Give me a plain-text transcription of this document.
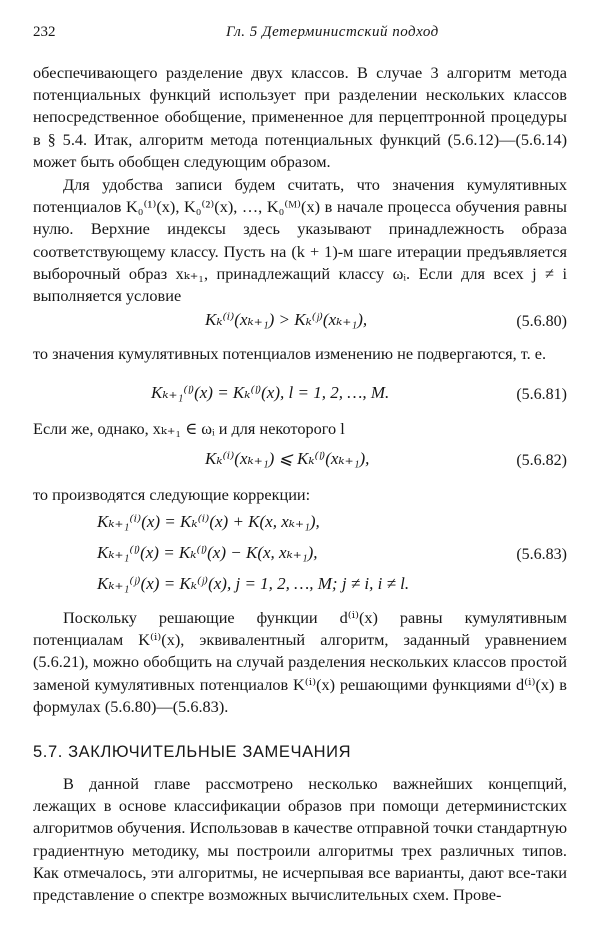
232	Гл. 5 Детерминистский подход

обеспечивающего разделение двух классов. В случае 3 алгоритм метода потенциальных функций использует при разделении нескольких классов непосредственное обобщение, примененное для перцептронной процедуры в § 5.4. Итак, алгоритм метода потенциальных функций (5.6.12)—(5.6.14) может быть обобщен следующим образом.

Для удобства записи будем считать, что значения кумулятивных потенциалов K₀⁽¹⁾(x), K₀⁽²⁾(x), …, K₀⁽ᴹ⁾(x) в начале процесса обучения равны нулю. Верхние индексы здесь указывают принадлежность образа соответствующему классу. Пусть на (k + 1)-м шаге итерации предъявляется выборочный образ xₖ₊₁, принадлежащий классу ωᵢ. Если для всех j ≠ i выполняется условие

Kₖ⁽ⁱ⁾(xₖ₊₁) > Kₖ⁽ʲ⁾(xₖ₊₁),	(5.6.80)

то значения кумулятивных потенциалов изменению не подвергаются, т. е.

Kₖ₊₁⁽ˡ⁾(x) = Kₖ⁽ˡ⁾(x), l = 1, 2, …, M.	(5.6.81)

Если же, однако, xₖ₊₁ ∈ ωᵢ и для некоторого l

Kₖ⁽ⁱ⁾(xₖ₊₁) ⩽ Kₖ⁽ˡ⁾(xₖ₊₁),	(5.6.82)

то производятся следующие коррекции:

Kₖ₊₁⁽ⁱ⁾(x) = Kₖ⁽ⁱ⁾(x) + K(x, xₖ₊₁),
Kₖ₊₁⁽ˡ⁾(x) = Kₖ⁽ˡ⁾(x) − K(x, xₖ₊₁),	(5.6.83)
Kₖ₊₁⁽ʲ⁾(x) = Kₖ⁽ʲ⁾(x), j = 1, 2, …, M; j ≠ i, i ≠ l.

Поскольку решающие функции d⁽ⁱ⁾(x) равны кумулятивным потенциалам K⁽ⁱ⁾(x), эквивалентный алгоритм, заданный уравнением (5.6.21), можно обобщить на случай разделения нескольких классов простой заменой кумулятивных потенциалов K⁽ⁱ⁾(x) решающими функциями d⁽ⁱ⁾(x) в формулах (5.6.80)—(5.6.83).

5.7. ЗАКЛЮЧИТЕЛЬНЫЕ ЗАМЕЧАНИЯ

В данной главе рассмотрено несколько важнейших концепций, лежащих в основе классификации образов при помощи детерминистских алгоритмов обучения. Использовав в качестве отправной точки стандартную градиентную методику, мы построили алгоритмы трех различных типов. Как отмечалось, эти алгоритмы, не исчерпывая все варианты, дают все-таки представление о спектре возможных вычислительных схем. Прове-
